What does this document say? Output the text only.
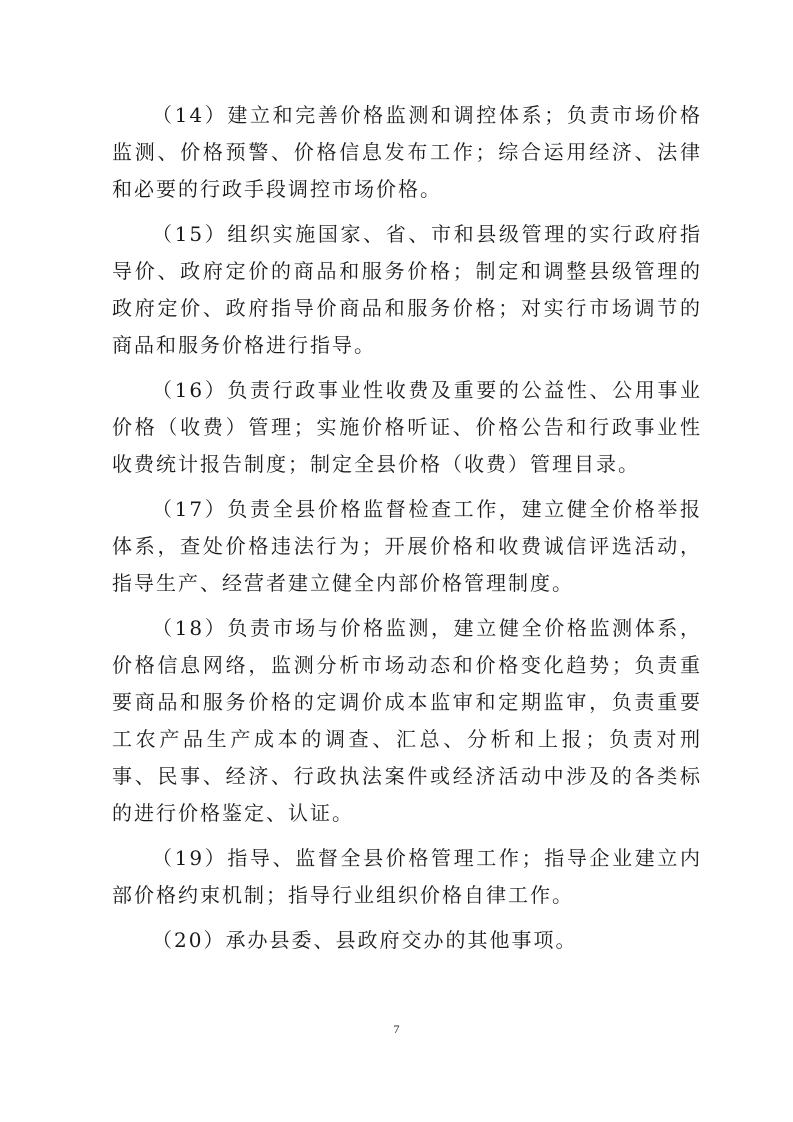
（14）建立和完善价格监测和调控体系；负责市场价格监测、价格预警、价格信息发布工作；综合运用经济、法律和必要的行政手段调控市场价格。

（15）组织实施国家、省、市和县级管理的实行政府指导价、政府定价的商品和服务价格；制定和调整县级管理的政府定价、政府指导价商品和服务价格；对实行市场调节的商品和服务价格进行指导。

（16）负责行政事业性收费及重要的公益性、公用事业价格（收费）管理；实施价格听证、价格公告和行政事业性收费统计报告制度；制定全县价格（收费）管理目录。

（17）负责全县价格监督检查工作，建立健全价格举报体系，查处价格违法行为；开展价格和收费诚信评选活动，指导生产、经营者建立健全内部价格管理制度。

（18）负责市场与价格监测，建立健全价格监测体系，价格信息网络，监测分析市场动态和价格变化趋势；负责重要商品和服务价格的定调价成本监审和定期监审，负责重要工农产品生产成本的调查、汇总、分析和上报；负责对刑事、民事、经济、行政执法案件或经济活动中涉及的各类标的进行价格鉴定、认证。

（19）指导、监督全县价格管理工作；指导企业建立内部价格约束机制；指导行业组织价格自律工作。

（20）承办县委、县政府交办的其他事项。

7
